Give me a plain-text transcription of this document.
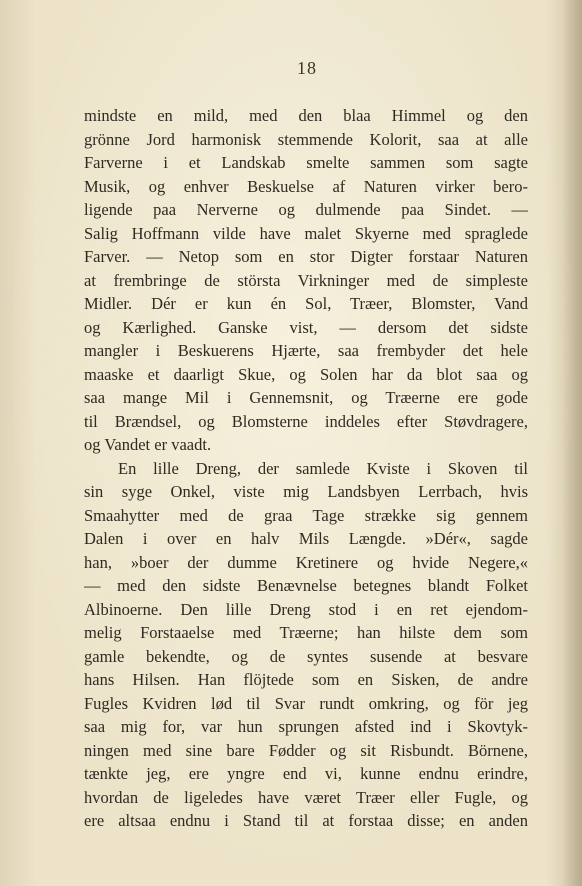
18
mindste en mild, med den blaa Himmel og den
grönne Jord harmonisk stemmende Kolorit, saa at alle
Farverne i et Landskab smelte sammen som sagte
Musik, og enhver Beskuelse af Naturen virker bero-
ligende paa Nerverne og dulmende paa Sindet. —
Salig Hoffmann vilde have malet Skyerne med spraglede
Farver. — Netop som en stor Digter forstaar Naturen
at frembringe de största Virkninger med de simpleste
Midler. Dér er kun én Sol, Træer, Blomster, Vand
og Kærlighed. Ganske vist, — dersom det sidste
mangler i Beskuerens Hjærte, saa frembyder det hele
maaske et daarligt Skue, og Solen har da blot saa og
saa mange Mil i Gennemsnit, og Træerne ere gode
til Brændsel, og Blomsterne inddeles efter Støvdragere,
og Vandet er vaadt.
En lille Dreng, der samlede Kviste i Skoven til
sin syge Onkel, viste mig Landsbyen Lerrbach, hvis
Smaahytter med de graa Tage strække sig gennem
Dalen i over en halv Mils Længde. »Dér«, sagde
han, »boer der dumme Kretinere og hvide Negere,«
— med den sidste Benævnelse betegnes blandt Folket
Albinoerne. Den lille Dreng stod i en ret ejendom-
melig Forstaaelse med Træerne; han hilste dem som
gamle bekendte, og de syntes susende at besvare
hans Hilsen. Han flöjtede som en Sisken, de andre
Fugles Kvidren lød til Svar rundt omkring, og för jeg
saa mig for, var hun sprungen afsted ind i Skovtyk-
ningen med sine bare Fødder og sit Risbundt. Börnene,
tænkte jeg, ere yngre end vi, kunne endnu erindre,
hvordan de ligeledes have været Træer eller Fugle, og
ere altsaa endnu i Stand til at forstaa disse; en anden
